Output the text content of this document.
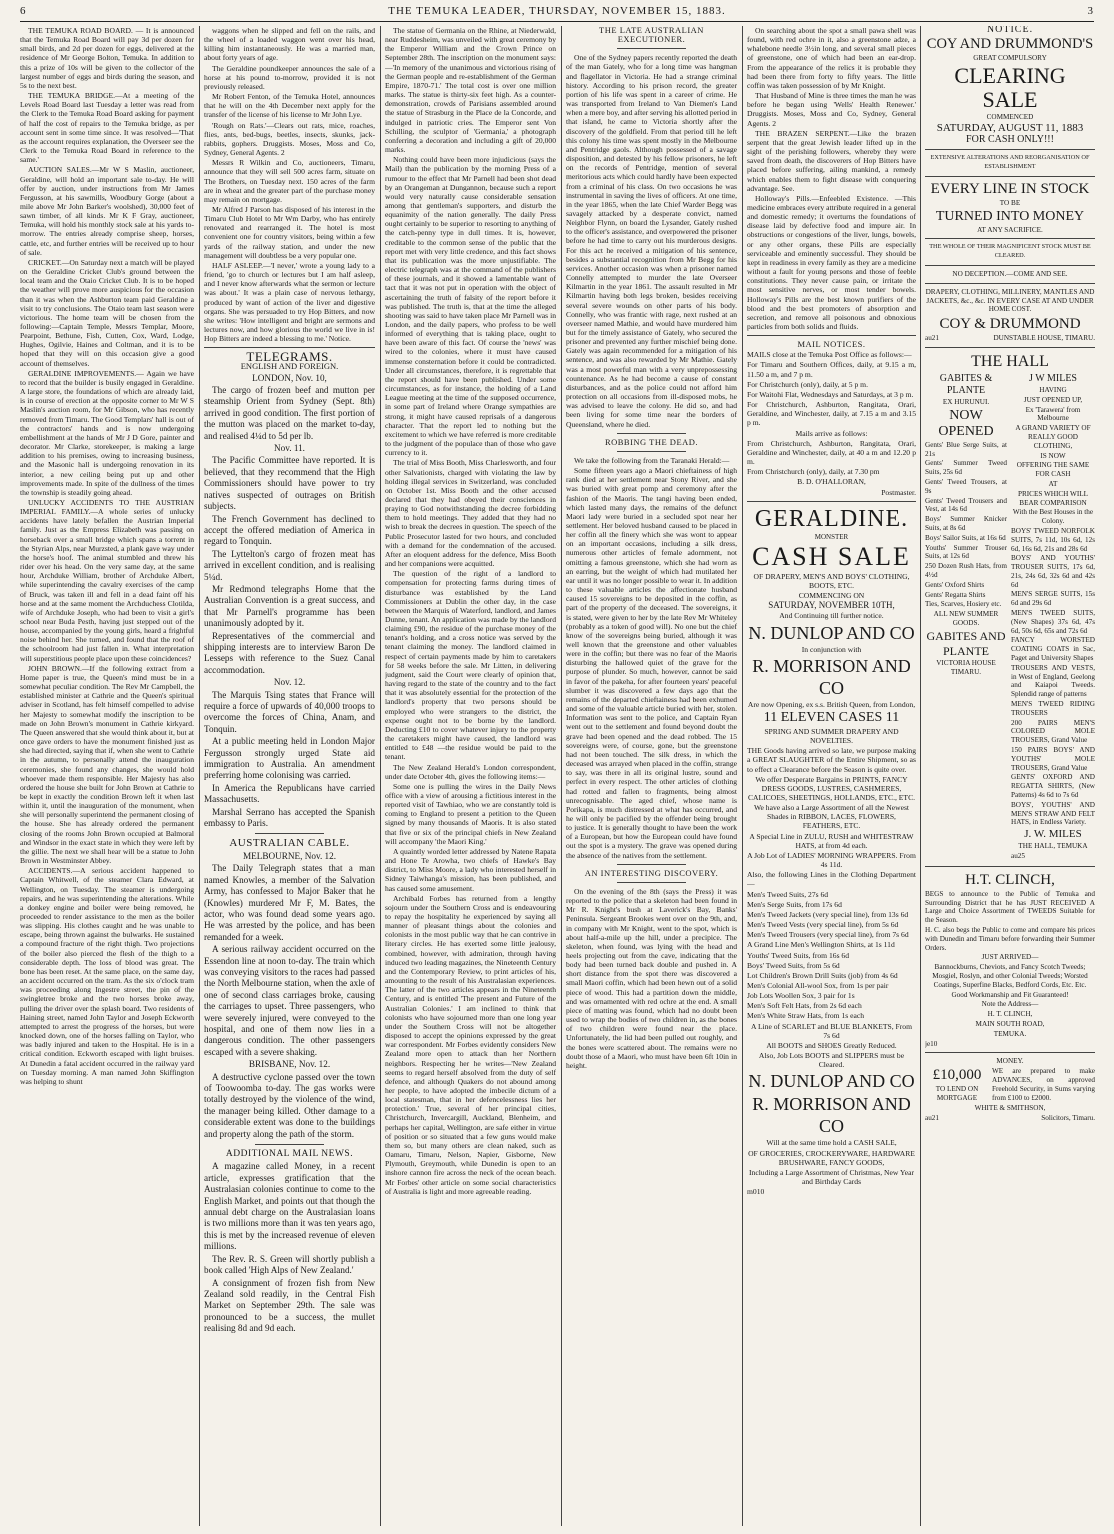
6	THE TEMUKA LEADER, THURSDAY, NOVEMBER 15, 1883.	3

THE TEMUKA ROAD BOARD. — It is announced that the Temuka Road Board will pay 3d per dozen for small birds, and 2d per dozen for eggs, delivered at the residence of Mr George Bolton, Temuka. In addition to this a prize of 10s will be given to the collector of the largest number of eggs and birds during the season, and 5s to the next best.

THE TEMUKA BRIDGE.—At a meeting of the Levels Road Board last Tuesday a letter was read from the Clerk to the Temuka Road Board asking for payment of half the cost of repairs to the Temuka bridge, as per account sent in some time since. It was resolved—'That as the account requires explanation, the Overseer see the Clerk to the Temuka Road Board in reference to the same.'

AUCTION SALES.—Mr W S Maslin, auctioneer, Geraldine, will hold an important sale to-day. He will offer by auction, under instructions from Mr James Fergusson, at his sawmills, Woodbury Gorge (about a mile above Mr John Barker's woolshed), 30,000 feet of sawn timber, of all kinds. Mr K F Gray, auctioneer, Temuka, will hold his monthly stock sale at his yards to-morrow. The entries already comprise sheep, horses, cattle, etc, and further entries will be received up to hour of sale.

CRICKET.—On Saturday next a match will be played on the Geraldine Cricket Club's ground between the local team and the Otaio Cricket Club. It is to be hoped the weather will prove more auspicious for the occasion than it was when the Ashburton team paid Geraldine a visit to try conclusions. The Otaio team last season were victorious. The home team will be chosen from the following:—Captain Temple, Messrs Templar, Moore, Pearpoint, Bethune, Fish, Cutten, Cox, Ward, Lodge, Hughes, Ogilvie, Haines and Coltman, and it is to be hoped that they will on this occasion give a good account of themselves.

GERALDINE IMPROVEMENTS.— Again we have to record that the builder is busily engaged in Geraldine. A large store, the foundations of which are already laid, is in course of erection at the opposite corner to Mr W S Maslin's auction room, for Mr Gibson, who has recently removed from Timaru. The Good Templars' hall is out of the contractors' hands and is now undergoing embellishment at the hands of Mr J D Gore, painter and decorator. Mr Clarke, storekeeper, is making a large addition to his premises, owing to increasing business, and the Masonic hall is undergoing renovation in its interior, a new ceiling being put up and other improvements made. In spite of the dullness of the times the township is steadily going ahead.

UNLUCKY ACCIDENTS TO THE AUSTRIAN IMPERIAL FAMILY.—A whole series of unlucky accidents have lately befallen the Austrian Imperial family. Just as the Empress Elizabeth was passing on horseback over a small bridge which spans a torrent in the Styrian Alps, near Murzsted, a plank gave way under the horse's hoof. The animal stumbled and threw his rider over his head. On the very same day, at the same hour, Archduke William, brother of Archduke Albert, while superintending the cavalry exercises of the camp of Bruck, was taken ill and fell in a dead faint off his horse and at the same moment the Archduchess Clotilda, wife of Archduke Joseph, who had been to visit a girl's school near Buda Pesth, having just stepped out of the house, accompanied by the young girls, heard a frightful noise behind her. She turned, and found that the roof of the schoolroom had just fallen in. What interpretation will superstitious people place upon these coincidences?

JOHN BROWN.—If the following extract from a Home paper is true, the Queen's mind must be in a somewhat peculiar condition. The Rev Mr Campbell, the established minister at Cathrie and the Queen's spiritual adviser in Scotland, has felt himself compelled to advise her Majesty to somewhat modify the inscription to be made on John Brown's monument in Cathrie kirkyard. The Queen answered that she would think about it, but at once gave orders to have the monument finished just as she had directed, saying that if, when she went to Cathrie in the autumn, to personally attend the inauguration ceremonies, she found any changes, she would hold whoever made them responsible. Her Majesty has also ordered the house she built for John Brown at Cathrie to be kept in exactly the condition Brown left it when last within it, until the inauguration of the monument, when she will personally superintend the permanent closing of the house. She has already ordered the permanent closing of the rooms John Brown occupied at Balmoral and Windsor in the exact state in which they were left by the gillie. The next we shall hear will be a statue to John Brown in Westminster Abbey.

ACCIDENTS.—A serious accident happened to Captain Whitwell, of the steamer Clara Edward, at Wellington, on Tuesday. The steamer is undergoing repairs, and he was superintending the alterations. While a donkey engine and boiler were being removed, he proceeded to render assistance to the men as the boiler was slipping. His clothes caught and he was unable to escape, being thrown against the bulwarks. He sustained a compound fracture of the right thigh. Two projections of the boiler also pierced the flesh of the thigh to a considerable depth. The loss of blood was great. The bone has been reset. At the same place, on the same day, an accident occurred on the tram. As the six o'clock tram was proceeding along Ingestre street, the pin of the swingletree broke and the two horses broke away, pulling the driver over the splash board. Two residents of Haining street, named John Taylor and Joseph Eckworth attempted to arrest the progress of the horses, but were knocked down, one of the horses falling on Taylor, who was badly injured and taken to the Hospital. He is in a critical condition. Eckworth escaped with light bruises. At Dunedin a fatal accident occurred in the railway yard on Tuesday morning. A man named John Skiffington was helping to shunt

waggons when he slipped and fell on the rails, and the wheel of a loaded waggon went over his head, killing him instantaneously. He was a married man, about forty years of age.

The Geraldine poundkeeper announces the sale of a horse at his pound to-morrow, provided it is not previously released.

Mr Robert Fenton, of the Temuka Hotel, announces that he will on the 4th December next apply for the transfer of the license of his license to Mr John Lye.

'Rough on Rats.'—Clears out rats, mice, roaches, flies, ants, bed-bugs, beetles, insects, skunks, jack-rabbits, gophers. Druggists. Moses, Moss and Co, Sydney, General Agents. 2

Messrs R Wilkin and Co, auctioneers, Timaru, announce that they will sell 500 acres farm, situate on The Brothers, on Tuesday next. 150 acres of the farm are in wheat and the greater part of the purchase money may remain on mortgage.

Mr Alfred J Parson has disposed of his interest in the Timaru Club Hotel to Mr Wm Darby, who has entirely renovated and rearranged it. The hotel is most convenient one for country visitors, being within a few yards of the railway station, and under the new management will doubtless be a very popular one.

HALF ASLEEP.—'I never,' wrote a young lady to a friend, 'go to church or lectures but I am half asleep, and I never know afterwards what the sermon or lecture was about.' It was a plain case of nervous lethargy, produced by want of action of the liver and digestive organs. She was persuaded to try Hop Bitters, and now she writes: 'How intelligent and bright are sermons and lectures now, and how glorious the world we live in is! Hop Bitters are indeed a blessing to me.' Notice.

TELEGRAMS.

ENGLISH AND FOREIGN.

LONDON, Nov. 10,

The cargo of frozen beef and mutton per steamship Orient from Sydney (Sept. 8th) arrived in good condition. The first portion of the mutton was placed on the market to-day, and realised 4¼d to 5d per lb.

Nov. 11.

The Pacific Committee have reported. It is believed, that they recommend that the High Commissioners should have power to try natives suspected of outrages on British subjects.

The French Government has declined to accept the offered mediation of America in regard to Tonquin.

The Lyttelton's cargo of frozen meat has arrived in excellent condition, and is realising 5¼d.

Mr Redmond telegraphs Home that the Australian Convention is a great success, and that Mr Parnell's programme has been unanimously adopted by it.

Representatives of the commercial and shipping interests are to interview Baron De Lesseps with reference to the Suez Canal accommodation.

Nov. 12.

The Marquis Tsing states that France will require a force of upwards of 40,000 troops to overcome the forces of China, Anam, and Tonquin.

At a public meeting held in London Major Fergusson strongly urged State aid immigration to Australia. An amendment preferring home colonising was carried.

In America the Republicans have carried Massachusetts.

Marshal Serrano has accepted the Spanish embassy to Paris.

AUSTRALIAN CABLE.

MELBOURNE, Nov. 12.

The Daily Telegraph states that a man named Knowles, a member of the Salvation Army, has confessed to Major Baker that he (Knowles) murdered Mr F, M. Bates, the actor, who was found dead some years ago. He was arrested by the police, and has been remanded for a week.

A serious railway accident occurred on the Essendon line at noon to-day. The train which was conveying visitors to the races had passed the North Melbourne station, when the axle of one of second class carriages broke, causing the carriages to upset. Three passengers, who were severely injured, were conveyed to the hospital, and one of them now lies in a dangerous condition. The other passengers escaped with a severe shaking.

BRISBANE, Nov. 12.

A destructive cyclone passed over the town of Toowoomba to-day. The gas works were totally destroyed by the violence of the wind, the manager being killed. Other damage to a considerable extent was done to the buildings and property along the path of the storm.

ADDITIONAL MAIL NEWS.

A magazine called Money, in a recent article, expresses gratification that the Australasian colonies continue to come to the English Market, and points out that though the annual debt charge on the Australasian loans is two millions more than it was ten years ago, this is met by the increased revenue of eleven millions.

The Rev. R. S. Green will shortly publish a book called 'High Alps of New Zealand.'

A consignment of frozen fish from New Zealand sold readily, in the Central Fish Market on September 29th. The sale was pronounced to be a success, the mullet realising 8d and 9d each.

The statue of Germania on the Rhine, at Niederwald, near Ruddesheim, was unveiled with great ceremony by the Emperor William and the Crown Prince on September 28th. The inscription on the monument says:—'In memory of the unanimous and victorious rising of the German people and re-establishment of the German Empire, 1870-71.' The total cost is over one million marks. The statue is thirty-six feet high. As a counter-demonstration, crowds of Parisians assembled around the statue of Strasburg in the Place de la Concorde, and indulged in patriotic cries. The Emperor sent Von Schilling, the sculptor of 'Germania,' a photograph conferring a decoration and including a gift of 20,000 marks.

Nothing could have been more injudicious (says the Mail) than the publication by the morning Press of a rumour to the effect that Mr Parnell had been shot dead by an Orangeman at Dungannon, because such a report would very naturally cause considerable sensation among that gentleman's supporters, and disturb the equanimity of the nation generally. The daily Press ought certainly to be superior to resorting to anything of the catch-penny type in dull times. It is, however, creditable to the common sense of the public that the report met with very little credence, and this fact shows that its publication was the more unjustifiable. The electric telegraph was at the command of the publishers of these journals, and it showed a lamentable want of tact that it was not put in operation with the object of ascertaining the truth of falsity of the report before it was published. The truth is, that at the time the alleged shooting was said to have taken place Mr Parnell was in London, and the daily papers, who profess to be well informed of everything that is taking place, ought to have been aware of this fact. Of course the 'news' was wired to the colonies, where it must have caused immense consternation before it could be contradicted. Under all circumstances, therefore, it is regrettable that the report should have been published. Under some circumstances, as for instance, the holding of a Land League meeting at the time of the supposed occurrence, in some part of Ireland where Orange sympathies are strong, it might have caused reprisals of a dangerous character. That the report led to nothing but the excitement to which we have referred is more creditable to the judgment of the populace than of those who gave currency to it.

The trial of Miss Booth, Miss Charlesworth, and four other Salvationists, charged with violating the law by holding illegal services in Switzerland, was concluded on October 1st. Miss Booth and the other accused declared that they had obeyed their consciences in praying to God notwithstanding the decree forbidding them to hold meetings. They added that they had no wish to break the decrees in question. The speech of the Public Prosecutor lasted for two hours, and concluded with a demand for the condemnation of the accused. After an eloquent address for the defence, Miss Booth and her companions were acquitted.

The question of the right of a landlord to compensation for protecting farms during times of disturbance was established by the Land Commissioners at Dublin the other day, in the case between the Marquis of Waterford, landlord, and James Dunne, tenant. An application was made by the landlord claiming £90, the residue of the purchase money of the tenant's holding, and a cross notice was served by the tenant claiming the money. The landlord claimed in respect of certain payments made by him to caretakers for 58 weeks before the sale. Mr Litten, in delivering judgment, said the Court were clearly of opinion that, having regard to the state of the country and to the fact that it was absolutely essential for the protection of the landlord's property that two persons should be employed who were strangers to the district, the expense ought not to be borne by the landlord. Deducting £10 to cover whatever injury to the property the caretakers might have caused, the landlord was entitled to £48 —the residue would be paid to the tenant.

The New Zealand Herald's London correspondent, under date October 4th, gives the following items:—

Some one is pulling the wires in the Daily News office with a view of arousing a fictitious interest in the reported visit of Tawhiao, who we are constantly told is coming to England to present a petition to the Queen signed by many thousands of Maoris. It is also stated that five or six of the principal chiefs in New Zealand will accompany 'the Maori King.'

A quaintly worded letter addressed by Natene Rapata and Hone Te Arowha, two chiefs of Hawke's Bay district, to Miss Moore, a lady who interested herself in Sidney Taiwhanga's mission, has been published, and has caused some amusement.

Archibald Forbes has returned from a lengthy sojourn under the Southern Cross and is endeavouring to repay the hospitality he experienced by saying all manner of pleasant things about the colonies and colonists in the most public way that he can contrive in literary circles. He has exerted some little jealousy, combined, however, with admiration, through having induced two leading magazines, the Nineteenth Century and the Contemporary Review, to print articles of his, amounting to the result of his Australasian experiences. The latter of the two articles appears in the Nineteenth Century, and is entitled 'The present and Future of the Australian Colonies.' I am inclined to think that colonists who have sojourned more than one long year under the Southern Cross will not be altogether disposed to accept the opinions expressed by the great war correspondent. Mr Forbes evidently considers New Zealand more open to attack than her Northern neighbors. Respecting her he writes—'New Zealand seems to regard herself absolved from the duty of self defence, and although Quakers do not abound among her people, to have adopted the imbecile dictum of a local statesman, that in her defencelessness lies her protection.' True, several of her principal cities, Christchurch, Invercargill, Auckland, Blenheim, and perhaps her capital, Wellington, are safe either in virtue of position or so situated that a few guns would make them so, but many others are clean naked, such as Oamaru, Timaru, Nelson, Napier, Gisborne, New Plymouth, Greymouth, while Dunedin is open to an inshore cannon fire across the neck of the ocean beach. Mr Forbes' other article on some social characteristics of Australia is light and more agreeable reading.

THE LATE AUSTRALIAN EXECUTIONER.

One of the Sydney papers recently reported the death of the man Gately, who for a long time was hangman and flagellator in Victoria. He had a strange criminal history. According to his prison record, the greater portion of his life was spent in a career of crime. He was transported from Ireland to Van Diemen's Land when a mere boy, and after serving his allotted period in that island, he came to Victoria shortly after the discovery of the goldfield. From that period till he left this colony his time was spent mostly in the Melbourne and Pentridge gaols. Although possessed of a savage disposition, and detested by his fellow prisoners, he left on the records of Pentridge, mention of several meritorious acts which could hardly have been expected from a criminal of his class. On two occasions he was instrumental in saving the lives of officers. At one time, in the year 1865, when the late Chief Warder Begg was savagely attacked by a desperate convict, named Neighbor Flynn, on board the Lysander, Gately rushed to the officer's assistance, and overpowered the prisoner before he had time to carry out his murderous designs. For this act he received a mitigation of his sentence, besides a substantial recognition from Mr Begg for his services. Another occasion was when a prisoner named Connelly attempted to murder the late Overseer Kilmartin in the year 1861. The assault resulted in Mr Kilmartin having both legs broken, besides receiving several severe wounds on other parts of his body. Connelly, who was frantic with rage, next rushed at an overseer named Mathie, and would have murdered him but for the timely assistance of Gately, who secured the prisoner and prevented any further mischief being done. Gately was again recommended for a mitigation of his sentence, and was also rewarded by Mr Mathie. Gately was a most powerful man with a very unprepossessing countenance. As he had become a cause of constant disturbances, and as the police could not afford him protection on all occasions from ill-disposed mobs, he was advised to leave the colony. He did so, and had been living for some time near the borders of Queensland, where he died.

ROBBING THE DEAD.

We take the following from the Taranaki Herald:—

Some fifteen years ago a Maori chieftainess of high rank died at her settlement near Stony River, and she was buried with great pomp and ceremony after the fashion of the Maoris. The tangi having been ended, which lasted many days, the remains of the defunct Maori lady were buried in a secluded spot near her settlement. Her beloved husband caused to be placed in her coffin all the finery which she was wont to appear on an important occasions, including a silk dress, numerous other articles of female adornment, not omitting a famous greenstone, which she had worn as an earring, but the weight of which had mutilated her ear until it was no longer possible to wear it. In addition to these valuable articles the affectionate husband caused 15 sovereigns to be deposited in the coffin, as part of the property of the deceased. The sovereigns, it is stated, were given to her by the late Rev Mr Whiteley (probably as a token of good will). No one but the chief know of the sovereigns being buried, although it was well known that the greenstone and other valuables were in the coffin; but there was no fear of the Maoris disturbing the hallowed quiet of the grave for the purpose of plunder. So much, however, cannot be said in favor of the pakeha, for after fourteen years' peaceful slumber it was discovered a few days ago that the remains of the departed chieftainess had been exhumed and some of the valuable article buried with her, stolen. Information was sent to the police, and Captain Ryan went out to the settlement and found beyond doubt the grave had been opened and the dead robbed. The 15 sovereigns were, of course, gone, but the greenstone had not been touched. The silk dress, in which the deceased was arrayed when placed in the coffin, strange to say, was there in all its original lustre, sound and perfect in every respect. The other articles of clothing had rotted and fallen to fragments, being almost unrecognisable. The aged chief, whose name is Porikapa, is much distressed at what has occurred, and he will only be pacified by the offender being brought to justice. It is generally thought to have been the work of a European, but how the European could have found out the spot is a mystery. The grave was opened during the absence of the natives from the settlement.

AN INTERESTING DISCOVERY.

On the evening of the 8th (says the Press) it was reported to the police that a skeleton had been found in Mr R. Knight's bush at Laverick's Bay, Banks' Peninsula. Sergeant Brookes went over on the 9th, and, in company with Mr Knight, went to the spot, which is about half-a-mile up the hill, under a precipice. The skeleton, when found, was lying with the head and heels projecting out from the cave, indicating that the body had been turned back double and pushed in. A short distance from the spot there was discovered a small Maori coffin, which had been hewn out of a solid piece of wood. This had a partition down the middle, and was ornamented with red ochre at the end. A small piece of matting was found, which had no doubt been used to wrap the bodies of two children in, as the bones of two children were found near the place. Unfortunately, the lid had been pulled out roughly, and the bones were scattered about. The remains were no doubt those of a Maori, who must have been 6ft 10in in height.

On searching about the spot a small pawa shell was found, with red ochre in it, also a greenstone adze, a whalebone needle 3½in long, and several small pieces of greenstone, one of which had been an ear-drop. From the appearance of the relics it is probable they had been there from forty to fifty years. The little coffin was taken possession of by Mr Knight.

That Husband of Mine is three times the man he was before he began using 'Wells' Health Renewer.' Druggists. Moses, Moss and Co, Sydney, General Agents. 2

THE BRAZEN SERPENT.—Like the brazen serpent that the great Jewish leader lifted up in the sight of the perishing followers, whereby they were saved from death, the discoverers of Hop Bitters have placed before suffering, ailing mankind, a remedy which enables them to fight disease with conquering advantage. See.

Holloway's Pills.—Enfeebled Existence. —This medicine embraces every attribute required in a general and domestic remedy; it overturns the foundations of disease laid by defective food and impure air. In obstructions or congestions of the liver, lungs, bowels, or any other organs, these Pills are especially serviceable and eminently successful. They should be kept in readiness in every family as they are a medicine without a fault for young persons and those of feeble constitutions. They never cause pain, or irritate the most sensitive nerves, or most tender bowels. Holloway's Pills are the best known purifiers of the blood and the best promoters of absorption and secretion, and remove all poisonous and obnoxious particles from both solids and fluids.

MAIL NOTICES.

MAILS close at the Temuka Post Office as follows:—

For Timaru and Southern Offices, daily, at 9.15 a m, 11.50 a m, and 7 p m.

For Christchurch (only), daily, at 5 p m.

For Waitohi Flat, Wednesdays and Saturdays, at 3 p m.

For Christchurch, Ashburton, Rangitata, Orari, Geraldine, and Winchester, daily, at 7.15 a m and 3.15 p m.

Mails arrive as follows:

From Christchurch, Ashburton, Rangitata, Orari, Geraldine and Winchester, daily, at 40 a m and 12.20 p m.

From Christchurch (only), daily, at 7.30 pm

B. D. O'HALLORAN,

Postmaster.

GERALDINE.

MONSTER

CASH SALE

OF DRAPERY, MEN'S AND BOYS' CLOTHING, BOOTS, ETC.

COMMENCING ON

SATURDAY, NOVEMBER 10TH,

And Continuing till further notice.

N. DUNLOP AND CO

In conjunction with

R. MORRISON AND CO

Are now Opening, ex s.s. British Queen, from London,

11 ELEVEN CASES 11

SPRING AND SUMMER DRAPERY AND NOVELTIES.

THE Goods having arrived so late, we purpose making a GREAT SLAUGHTER of the Entire Shipment, so as to effect a Clearance before the Season is quite over.

We offer Desperate Bargains in PRINTS, FANCY DRESS GOODS, LUSTRES, CASHMERES, CALICOES, SHEETINGS, HOLLANDS, ETC., ETC.

We have also a Large Assortment of all the Newest Shades in RIBBON, LACES, FLOWERS, FEATHERS, ETC.

A Special Line in ZULU, RUSH and WHITESTRAW HATS, at from 4d each.

A Job Lot of LADIES' MORNING WRAPPERS. From 4s 11d.

Also, the following Lines in the Clothing Department—

Men's Tweed Suits, 27s 6d

Men's Serge Suits, from 17s 6d

Men's Tweed Jackets (very special line), from 13s 6d

Men's Tweed Vests (very special line), from 5s 6d

Men's Tweed Trousers (very special line), from 7s 6d

A Grand Line Men's Wellington Shirts, at 1s 11d

Youths' Tweed Suits, from 16s 6d

Boys' Tweed Suits, from 5s 6d

Lot Children's Brown Drill Suits (job) from 4s 6d

Men's Colonial All-wool Sox, from 1s per pair

Job Lots Woollen Sox, 3 pair for 1s

Men's Soft Felt Hats, from 2s 6d each

Men's White Straw Hats, from 1s each

A Line of SCARLET and BLUE BLANKETS, From 7s 6d

All BOOTS and SHOES Greatly Reduced.

Also, Job Lots BOOTS and SLIPPERS must be Cleared.

N. DUNLOP AND CO

R. MORRISON AND CO

Will at the same time hold a CASH SALE,

OF GROCERIES, CROCKERYWARE, HARDWARE BRUSHWARE, FANCY GOODS,

Including a Large Assortment of Christmas, New Year and Birthday Cards

m010

NOTICE.

COY AND DRUMMOND'S

GREAT COMPULSORY

CLEARING SALE

COMMENCED

SATURDAY, AUGUST 11, 1883

FOR CASH ONLY!!!

EXTENSIVE ALTERATIONS AND REORGANISATION OF ESTABLISHMENT

EVERY LINE IN STOCK

TO BE

TURNED INTO MONEY

AT ANY SACRIFICE.

THE WHOLE OF THEIR MAGNIFICENT STOCK MUST BE CLEARED.

NO DECEPTION.—COME AND SEE.

DRAPERY, CLOTHING, MILLINERY, MANTLES AND JACKETS, &c., &c. IN EVERY CASE AT AND UNDER HOME COST.

COY & DRUMMOND

au21	DUNSTABLE HOUSE, TIMARU.

THE HALL

GABITES & PLANTE

EX HURUNUI.

NOW OPENED

Gents' Blue Serge Suits, at 21s

Gents' Summer Tweed Suits, 25s 6d

Gents' Tweed Trousers, at 9s

Gents' Tweed Trousers and Vest, at 14s 6d

Boys' Summer Knicker Suits, at 8s 6d

Boys' Sailor Suits, at 16s 6d

Youths' Summer Trouser Suits, at 12s 6d

250 Dozen Rush Hats, from 4½d

Gents' Oxford Shirts

Gents' Regatta Shirts

Ties, Scarves, Hosiery etc.

ALL NEW SUMMER GOODS.

GABITES AND

PLANTE

VICTORIA HOUSE

TIMARU.

J W MILES

HAVING

JUST OPENED UP,

Ex 'Tarawera' from Melbourne

A GRAND VARIETY OF REALLY GOOD CLOTHING,

IS NOW

OFFERING THE SAME FOR CASH

AT

PRICES WHICH WILL BEAR COMPARISON

With the Best Houses in the Colony.

BOYS' TWEED NORFOLK SUITS, 7s 11d, 10s 6d, 12s 6d, 16s 6d, 21s and 28s 6d

BOYS' AND YOUTHS' TROUSER SUITS, 17s 6d, 21s, 24s 6d, 32s 6d and 42s 6d

MEN'S SERGE SUITS, 15s 6d and 29s 6d

MEN'S TWEED SUITS, (New Shapes) 37s 6d, 47s 6d, 50s 6d, 65s and 72s 6d

FANCY WORSTED COATING COATS in Sac, Paget and University Shapes

TROUSERS AND VESTS, in West of England, Geelong and Kaiapoi Tweeds. Splendid range of patterns

MEN'S TWEED RIDING TROUSERS

200 PAIRS MEN'S COLORED MOLE TROUSERS, Grand Value

150 PAIRS BOYS' AND YOUTHS' MOLE TROUSERS, Grand Value

GENTS' OXFORD AND REGATTA SHIRTS, (New Patterns) 4s 6d to 7s 6d

BOYS', YOUTHS' AND MEN'S STRAW AND FELT HATS, in Endless Variety.

J. W. MILES

THE HALL, TEMUKA

au25

H.T. CLINCH,

BEGS to announce to the Public of Temuka and Surrounding District that he has JUST RECEIVED A Large and Choice Assortment of TWEEDS Suitable for the Season.

H. C. also begs the Public to come and compare his prices with Dunedin and Timaru before forwarding their Summer Orders.

JUST ARRIVED—

Bannockburns, Cheviots, and Fancy Scotch Tweeds; Mosgiel, Roslyn, and other Colonial Tweeds; Worsted Coatings, Superfine Blacks, Bedford Cords, Etc. Etc.

Good Workmanship and Fit Guaranteed!

Note the Address—

H. T. CLINCH,

MAIN SOUTH ROAD,

TEMUKA.

je10

MONEY.

£10,000

TO LEND ON MORTGAGE

WE are prepared to make ADVANCES, on approved Freehold Security, in Sums varying from £100 to £2000.

WHITE & SMITHSON,

au21	Solicitors, Timaru.
